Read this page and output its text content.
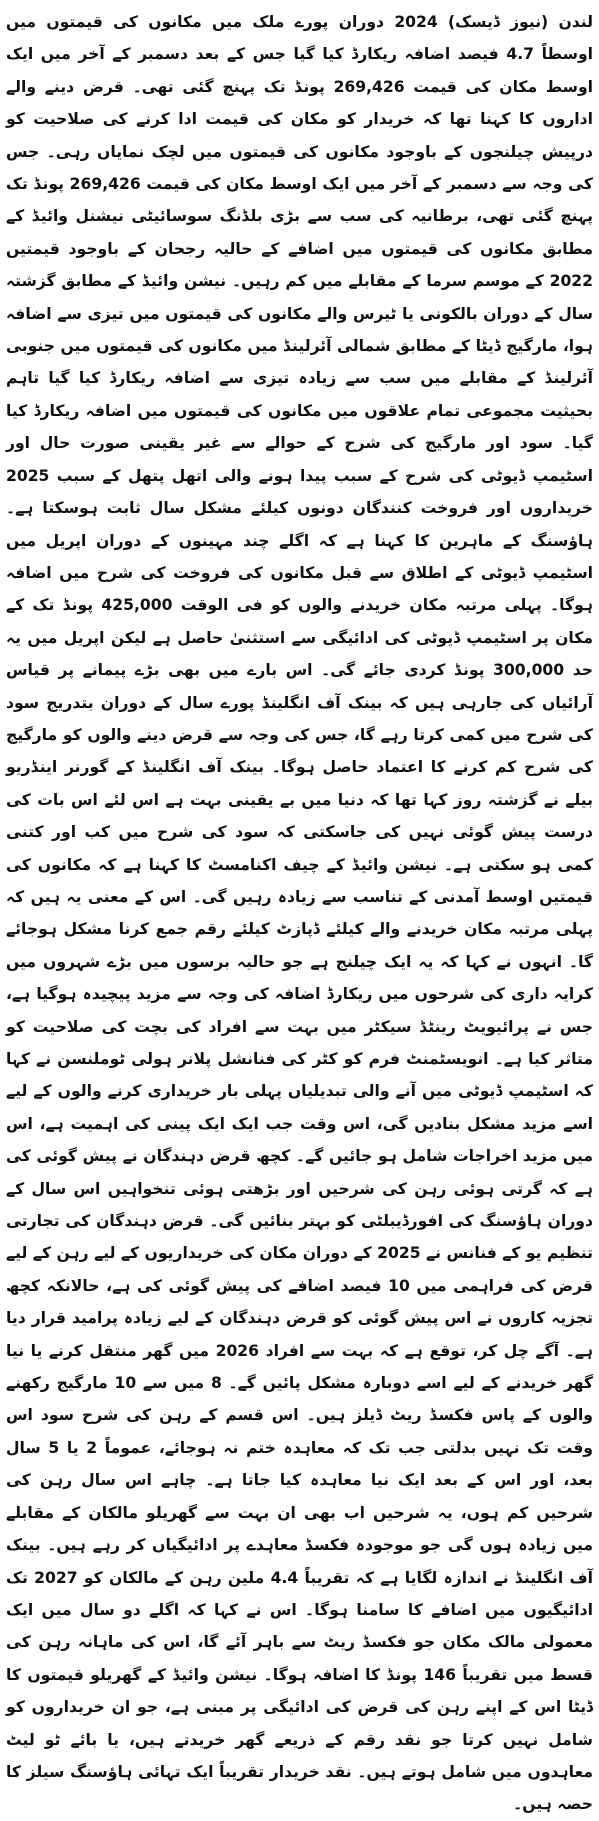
لندن (نیوز ڈیسک) 2024 دوران پورے ملک میں مکانوں کی قیمتوں میں اوسطاً 4.7 فیصد اضافہ ریکارڈ کیا گیا جس کے بعد دسمبر کے آخر میں ایک اوسط مکان کی قیمت 269,426 پونڈ تک پہنچ گئی تھی۔ قرض دینے والے اداروں کا کہنا تھا کہ خریدار کو مکان کی قیمت ادا کرنے کی صلاحیت کو درپیش چیلنجوں کے باوجود مکانوں کی قیمتوں میں لچک نمایاں رہی۔ جس کی وجہ سے دسمبر کے آخر میں ایک اوسط مکان کی قیمت 269,426 پونڈ تک پہنچ گئی تھی، برطانیہ کی سب سے بڑی بلڈنگ سوسائیٹی نیشنل وائیڈ کے مطابق مکانوں کی قیمتوں میں اضافے کے حالیہ رجحان کے باوجود قیمتیں 2022 کے موسم سرما کے مقابلے میں کم رہیں۔ نیشن وائیڈ کے مطابق گزشتہ سال کے دوران بالکونی یا ٹیرس والے مکانوں کی قیمتوں میں تیزی سے اضافہ ہوا، مارگیج ڈیٹا کے مطابق شمالی آئرلینڈ میں مکانوں کی قیمتوں میں جنوبی آئرلینڈ کے مقابلے میں سب سے زیادہ تیزی سے اضافہ ریکارڈ کیا گیا تاہم بحیثیت مجموعی تمام علاقوں میں مکانوں کی قیمتوں میں اضافہ ریکارڈ کیا گیا۔ سود اور مارگیج کی شرح کے حوالے سے غیر یقینی صورت حال اور اسٹیمپ ڈیوٹی کی شرح کے سبب پیدا ہونے والی اتھل پتھل کے سبب 2025 خریداروں اور فروخت کنندگان دونوں کیلئے مشکل سال ثابت ہوسکتا ہے۔ ہاؤسنگ کے ماہرین کا کہنا ہے کہ اگلے چند مہینوں کے دوران اپریل میں اسٹیمپ ڈیوٹی کے اطلاق سے قبل مکانوں کی فروخت کی شرح میں اضافہ ہوگا۔ پہلی مرتبہ مکان خریدنے والوں کو فی الوقت 425,000 پونڈ تک کے مکان پر اسٹیمپ ڈیوٹی کی ادائیگی سے استثنیٰ حاصل ہے لیکن اپریل میں یہ حد 300,000 پونڈ کردی جائے گی۔ اس بارے میں بھی بڑے پیمانے پر قیاس آرائیاں کی جارہی ہیں کہ بینک آف انگلینڈ پورے سال کے دوران بتدریج سود کی شرح میں کمی کرتا رہے گا، جس کی وجہ سے قرض دینے والوں کو مارگیج کی شرح کم کرنے کا اعتماد حاصل ہوگا۔ بینک آف انگلینڈ کے گورنر اینڈریو بیلے نے گزشتہ روز کہا تھا کہ دنیا میں بے یقینی بہت ہے اس لئے اس بات کی درست پیش گوئی نہیں کی جاسکتی کہ سود کی شرح میں کب اور کتنی کمی ہو سکتی ہے۔ نیشن وائیڈ کے چیف اکنامسٹ کا کہنا ہے کہ مکانوں کی قیمتیں اوسط آمدنی کے تناسب سے زیادہ رہیں گی۔ اس کے معنی یہ ہیں کہ پہلی مرتبہ مکان خریدنے والے کیلئے ڈپازٹ کیلئے رقم جمع کرنا مشکل ہوجائے گا۔ انہوں نے کہا کہ یہ ایک چیلنج ہے جو حالیہ برسوں میں بڑے شہروں میں کرایہ داری کی شرحوں میں ریکارڈ اضافہ کی وجہ سے مزید پیچیدہ ہوگیا ہے، جس نے پرائیویٹ رینٹڈ سیکٹر میں بہت سے افراد کی بچت کی صلاحیت کو متاثر کیا ہے۔ انویسٹمنٹ فرم کو کٹر کی فنانشل پلانر ہولی ٹوملنسن نے کہا کہ اسٹیمپ ڈیوٹی میں آنے والی تبدیلیاں پہلی بار خریداری کرنے والوں کے لیے اسے مزید مشکل بنادیں گی، اس وقت جب ایک ایک پینی کی اہمیت ہے، اس میں مزید اخراجات شامل ہو جائیں گے۔ کچھ قرض دہندگان نے پیش گوئی کی ہے کہ گرتی ہوئی رہن کی شرحیں اور بڑھتی ہوئی تنخواہیں اس سال کے دوران ہاؤسنگ کی افورڈیبلٹی کو بہتر بنائیں گی۔ قرض دہندگان کی تجارتی تنظیم یو کے فنانس نے 2025 کے دوران مکان کی خریداریوں کے لیے رہن کے لیے قرض کی فراہمی میں 10 فیصد اضافے کی پیش گوئی کی ہے، حالانکہ کچھ تجزیہ کاروں نے اس پیش گوئی کو قرض دہندگان کے لیے زیادہ پرامید قرار دیا ہے۔ آگے چل کر، توقع ہے کہ بہت سے افراد 2026 میں گھر منتقل کرنے یا نیا گھر خریدنے کے لیے اسے دوبارہ مشکل پائیں گے۔ 8 میں سے 10 مارگیج رکھنے والوں کے پاس فکسڈ ریٹ ڈیلز ہیں۔ اس قسم کے رہن کی شرح سود اس وقت تک نہیں بدلتی جب تک کہ معاہدہ ختم نہ ہوجائے، عموماً 2 یا 5 سال بعد، اور اس کے بعد ایک نیا معاہدہ کیا جاتا ہے۔ چاہے اس سال رہن کی شرحیں کم ہوں، یہ شرحیں اب بھی ان بہت سے گھریلو مالکان کے مقابلے میں زیادہ ہوں گی جو موجودہ فکسڈ معاہدے پر ادائیگیاں کر رہے ہیں۔ بینک آف انگلینڈ نے اندازہ لگایا ہے کہ تقریباً 4.4 ملین رہن کے مالکان کو 2027 تک ادائیگیوں میں اضافے کا سامنا ہوگا۔ اس نے کہا کہ اگلے دو سال میں ایک معمولی مالک مکان جو فکسڈ ریٹ سے باہر آئے گا، اس کی ماہانہ رہن کی قسط میں تقریباً 146 پونڈ کا اضافہ ہوگا۔ نیشن وائیڈ کے گھریلو قیمتوں کا ڈیٹا اس کے اپنے رہن کی قرض کی ادائیگی پر مبنی ہے، جو ان خریداروں کو شامل نہیں کرتا جو نقد رقم کے ذریعے گھر خریدتے ہیں، یا بائے ٹو لیٹ معاہدوں میں شامل ہوتے ہیں۔ نقد خریدار تقریباً ایک تہائی ہاؤسنگ سیلز کا حصہ ہیں۔
